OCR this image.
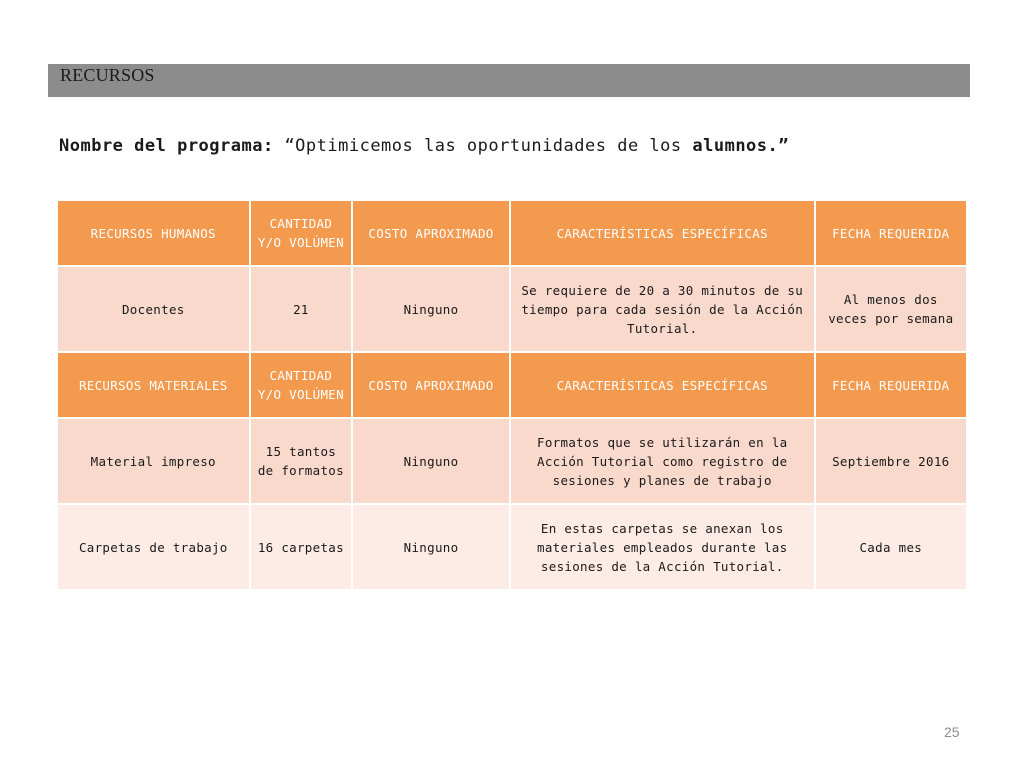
RECURSOS
Nombre del programa: “Optimicemos las oportunidades de los alumnos.”
RECURSOS HUMANOS	CANTIDAD Y/O VOLÚMEN	COSTO APROXIMADO	CARACTERÍSTICAS ESPECÍFICAS	FECHA REQUERIDA
Docentes	21	Ninguno	Se requiere de 20 a 30 minutos de su tiempo para cada sesión de la Acción Tutorial.	Al menos dos veces por semana
RECURSOS MATERIALES	CANTIDAD Y/O VOLÚMEN	COSTO APROXIMADO	CARACTERÍSTICAS ESPECÍFICAS	FECHA REQUERIDA
Material impreso	15 tantos de formatos	Ninguno	Formatos que se utilizarán en la Acción Tutorial como registro de sesiones y planes de trabajo	Septiembre 2016
Carpetas de trabajo	16 carpetas	Ninguno	En estas carpetas se anexan los materiales empleados durante las sesiones de la Acción Tutorial.	Cada mes
25
